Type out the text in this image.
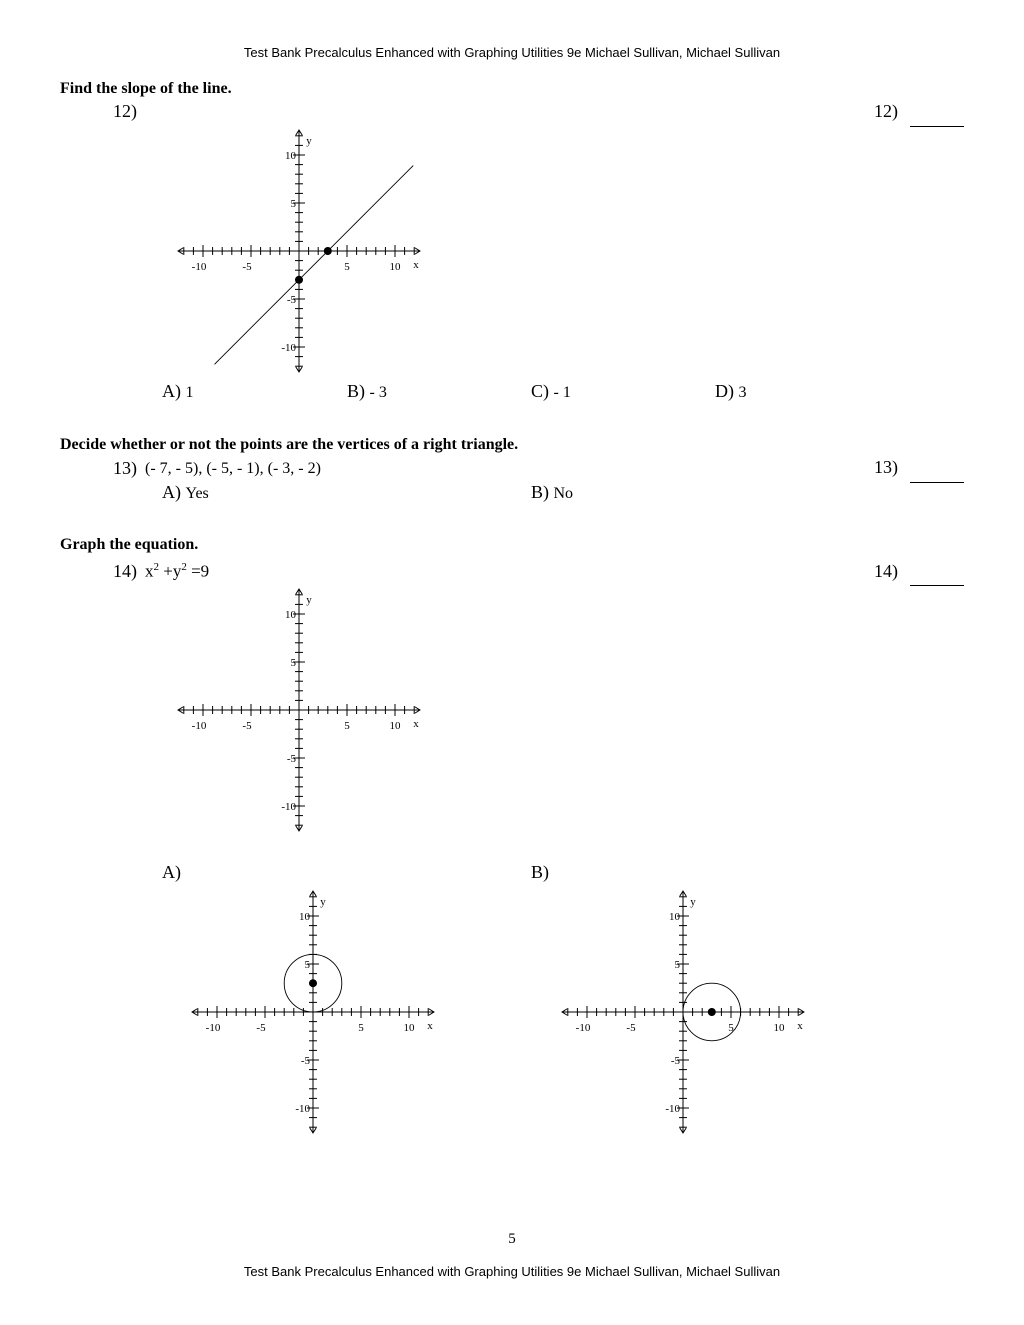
Test Bank Precalculus Enhanced with Graphing Utilities 9e Michael Sullivan, Michael Sullivan
Find the slope of the line.
12)	12)
-10	-5	5	10
10
5
-5
-10
x
y
A) 1	B) - 3	C) - 1	D) 3
Decide whether or not the points are the vertices of a right triangle.
13) (- 7, - 5), (- 5, - 1), (- 3, - 2)	13)
A) Yes	B) No
Graph the equation.
14) $x^2 +y^2 =9$	14)
-10	-5	5	10
10
5
-5
-10
x
y
A)	B)
-10	-5	5	10
10
5
-5
-10
x
y
-10	-5	5	10
10
5
-5
-10
x
y
5
Test Bank Precalculus Enhanced with Graphing Utilities 9e Michael Sullivan, Michael Sullivan
